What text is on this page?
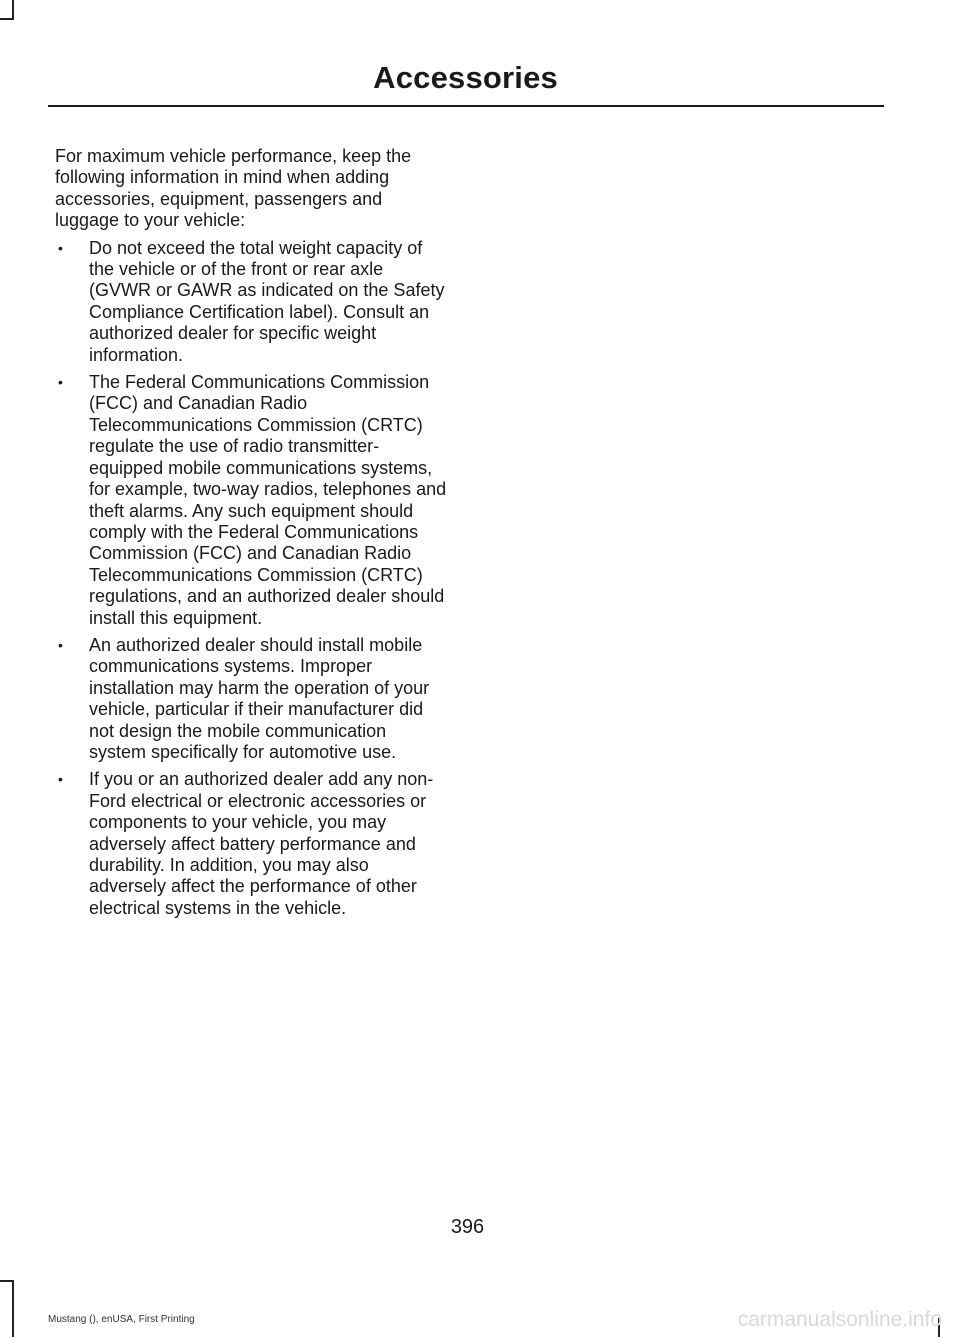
Accessories

For maximum vehicle performance, keep the following information in mind when adding accessories, equipment, passengers and luggage to your vehicle:

• Do not exceed the total weight capacity of the vehicle or of the front or rear axle (GVWR or GAWR as indicated on the Safety Compliance Certification label). Consult an authorized dealer for specific weight information.
• The Federal Communications Commission (FCC) and Canadian Radio Telecommunications Commission (CRTC) regulate the use of radio transmitter-equipped mobile communications systems, for example, two-way radios, telephones and theft alarms. Any such equipment should comply with the Federal Communications Commission (FCC) and Canadian Radio Telecommunications Commission (CRTC) regulations, and an authorized dealer should install this equipment.
• An authorized dealer should install mobile communications systems. Improper installation may harm the operation of your vehicle, particular if their manufacturer did not design the mobile communication system specifically for automotive use.
• If you or an authorized dealer add any non-Ford electrical or electronic accessories or components to your vehicle, you may adversely affect battery performance and durability. In addition, you may also adversely affect the performance of other electrical systems in the vehicle.
396
Mustang (), enUSA, First Printing	carmanualsonline.info
